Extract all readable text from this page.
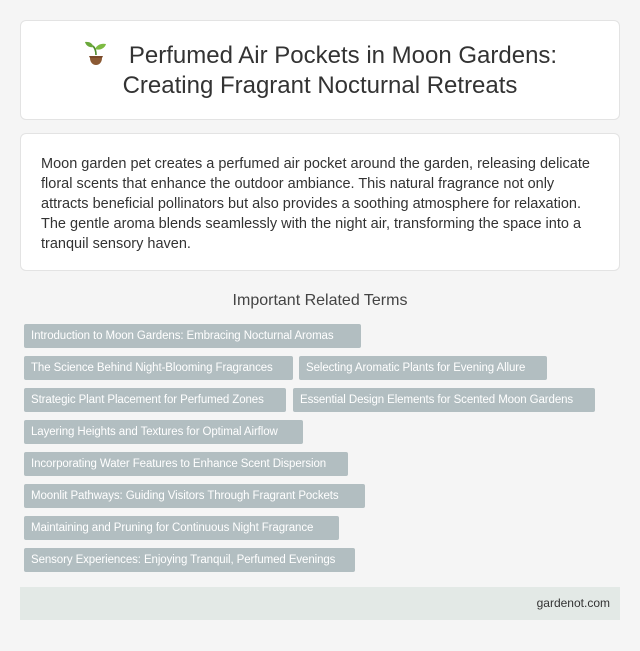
Perfumed Air Pockets in Moon Gardens: Creating Fragrant Nocturnal Retreats

Moon garden pet creates a perfumed air pocket around the garden, releasing delicate floral scents that enhance the outdoor ambiance. This natural fragrance not only attracts beneficial pollinators but also provides a soothing atmosphere for relaxation. The gentle aroma blends seamlessly with the night air, transforming the space into a tranquil sensory haven.

Important Related Terms
Introduction to Moon Gardens: Embracing Nocturnal Aromas
The Science Behind Night-Blooming Fragrances	Selecting Aromatic Plants for Evening Allure
Strategic Plant Placement for Perfumed Zones	Essential Design Elements for Scented Moon Gardens
Layering Heights and Textures for Optimal Airflow
Incorporating Water Features to Enhance Scent Dispersion
Moonlit Pathways: Guiding Visitors Through Fragrant Pockets
Maintaining and Pruning for Continuous Night Fragrance
Sensory Experiences: Enjoying Tranquil, Perfumed Evenings
gardenot.com
